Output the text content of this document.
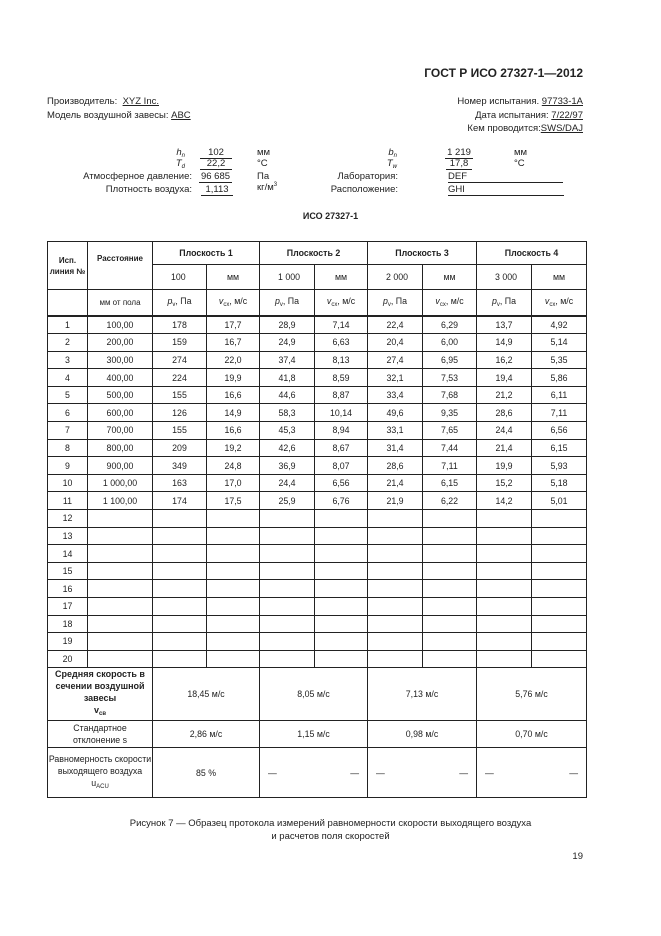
ГОСТ Р ИСО 27327-1—2012
Производитель: XYZ Inc.
Модель воздушной завесы: ABC
Номер испытания. 97733-1A
Дата испытания: 7/22/97
Кем проводится:SWS/DAJ
$h_n$	102	мм
$T_d$	22,2	°С
Атмосферное давление: 96 685	Па
Плотность воздуха:	1,113	$кг/м^3$
$b_n$	1 219	мм
$T_w$	17,8	°С
Лаборатория:	DEF
Расположение:	GHI
ИСО 27327-1
Исп. линия №	Расстояние	Плоскость 1		Плоскость 2		Плоскость 3		Плоскость 4	
		100	мм	1 000	мм	2 000	мм	3 000	мм
	мм от пола	$p_v$, Па	$v_{cx}$, м/с	$p_v$, Па	$v_{cx}$, м/с	$p_v$, Па	$v_{cx}$, м/с	$p_v$, Па	$v_{cx}$, м/с
1	100,00	178	17,7	28,9	7,14	22,4	6,29	13,7	4,92
2	200,00	159	16,7	24,9	6,63	20,4	6,00	14,9	5,14
3	300,00	274	22,0	37,4	8,13	27,4	6,95	16,2	5,35
4	400,00	224	19,9	41,8	8,59	32,1	7,53	19,4	5,86
5	500,00	155	16,6	44,6	8,87	33,4	7,68	21,2	6,11
6	600,00	126	14,9	58,3	10,14	49,6	9,35	28,6	7,11
7	700,00	155	16,6	45,3	8,94	33,1	7,65	24,4	6,56
8	800,00	209	19,2	42,6	8,67	31,4	7,44	21,4	6,15
9	900,00	349	24,8	36,9	8,07	28,6	7,11	19,9	5,93
10	1 000,00	163	17,0	24,4	6,56	21,4	6,15	15,2	5,18
11	1 100,00	174	17,5	25,9	6,76	21,9	6,22	14,2	5,01
12									
13									
14									
15									
16									
17									
18									
19									
20									
Средняя скорость в сечении воздушной завесы
$v_{св}$		18,45 м/с		8,05 м/с		7,13 м/с		5,76 м/с	
Стандартное отклонение s		2,86 м/с		1,15 м/с		0,98 м/с		0,70 м/с	
Равномерность скорости выходящего воздуха
$u_{ACU}$		85 %		— —		— —		— —	
Рисунок 7 — Образец протокола измерений равномерности скорости выходящего воздуха
и расчетов поля скоростей
19
